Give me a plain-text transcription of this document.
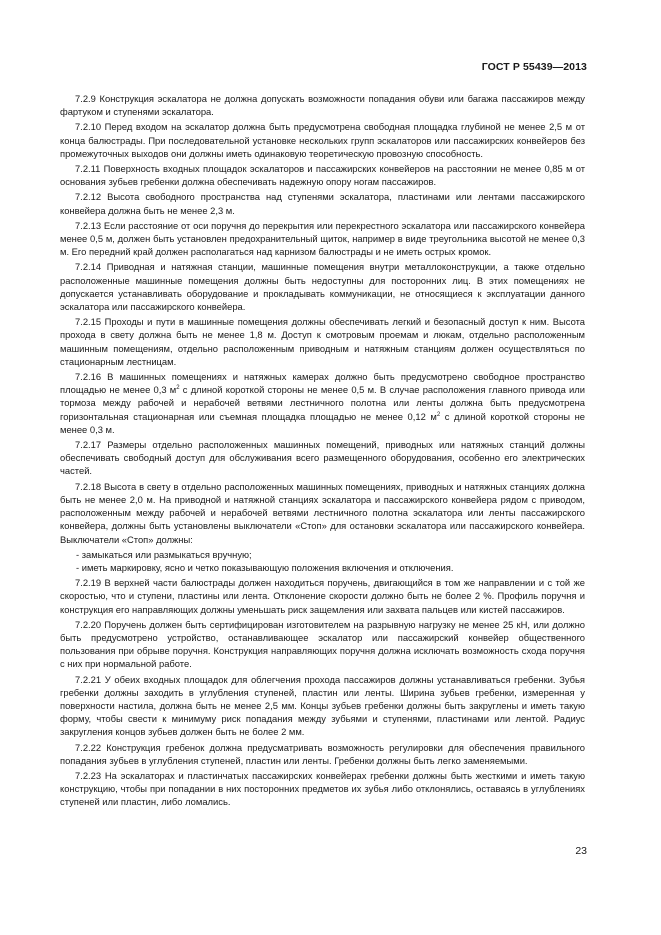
ГОСТ Р 55439—2013

7.2.9 Конструкция эскалатора не должна допускать возможности попадания обуви или багажа пассажиров между фартуком и ступенями эскалатора.

7.2.10 Перед входом на эскалатор должна быть предусмотрена свободная площадка глубиной не менее 2,5 м от конца балюстрады. При последовательной установке нескольких групп эскалаторов или пассажирских конвейеров без промежуточных выходов они должны иметь одинаковую теоретическую провозную способность.

7.2.11 Поверхность входных площадок эскалаторов и пассажирских конвейеров на расстоянии не менее 0,85 м от основания зубьев гребенки должна обеспечивать надежную опору ногам пассажиров.

7.2.12 Высота свободного пространства над ступенями эскалатора, пластинами или лентами пассажирского конвейера должна быть не менее 2,3 м.

7.2.13 Если расстояние от оси поручня до перекрытия или перекрестного эскалатора или пассажирского конвейера менее 0,5 м, должен быть установлен предохранительный щиток, например в виде треугольника высотой не менее 0,3 м. Его передний край должен располагаться над карнизом балюстрады и не иметь острых кромок.

7.2.14 Приводная и натяжная станции, машинные помещения внутри металлоконструкции, а также отдельно расположенные машинные помещения должны быть недоступны для посторонних лиц. В этих помещениях не допускается устанавливать оборудование и прокладывать коммуникации, не относящиеся к эксплуатации данного эскалатора или пассажирского конвейера.

7.2.15 Проходы и пути в машинные помещения должны обеспечивать легкий и безопасный доступ к ним. Высота прохода в свету должна быть не менее 1,8 м. Доступ к смотровым проемам и люкам, отдельно расположенным машинным помещениям, отдельно расположенным приводным и натяжным станциям должен осуществляться по стационарным лестницам.

7.2.16 В машинных помещениях и натяжных камерах должно быть предусмотрено свободное пространство площадью не менее 0,3 $м^2$ с длиной короткой стороны не менее 0,5 м. В случае расположения главного привода или тормоза между рабочей и нерабочей ветвями лестничного полотна или ленты должна быть предусмотрена горизонтальная стационарная или съемная площадка площадью не менее 0,12 $м^2$ с длиной короткой стороны не менее 0,3 м.

7.2.17 Размеры отдельно расположенных машинных помещений, приводных или натяжных станций должны обеспечивать свободный доступ для обслуживания всего размещенного оборудования, особенно его электрических частей.

7.2.18 Высота в свету в отдельно расположенных машинных помещениях, приводных и натяжных станциях должна быть не менее 2,0 м. На приводной и натяжной станциях эскалатора и пассажирского конвейера рядом с приводом, расположенным между рабочей и нерабочей ветвями лестничного полотна эскалатора или ленты пассажирского конвейера, должны быть установлены выключатели «Стоп» для остановки эскалатора или пассажирского конвейера. Выключатели «Стоп» должны:

- замыкаться или размыкаться вручную;

- иметь маркировку, ясно и четко показывающую положения включения и отключения.

7.2.19 В верхней части балюстрады должен находиться поручень, двигающийся в том же направлении и с той же скоростью, что и ступени, пластины или лента. Отклонение скорости должно быть не более 2 %. Профиль поручня и конструкция его направляющих должны уменьшать риск защемления или захвата пальцев или кистей пассажиров.

7.2.20 Поручень должен быть сертифицирован изготовителем на разрывную нагрузку не менее 25 кН, или должно быть предусмотрено устройство, останавливающее эскалатор или пассажирский конвейер общественного пользования при обрыве поручня. Конструкция направляющих поручня должна исключать возможность схода поручня с них при нормальной работе.

7.2.21 У обеих входных площадок для облегчения прохода пассажиров должны устанавливаться гребенки. Зубья гребенки должны заходить в углубления ступеней, пластин или ленты. Ширина зубьев гребенки, измеренная у поверхности настила, должна быть не менее 2,5 мм. Концы зубьев гребенки должны быть закруглены и иметь такую форму, чтобы свести к минимуму риск попадания между зубьями и ступенями, пластинами или лентой. Радиус закругления концов зубьев должен быть не более 2 мм.

7.2.22 Конструкция гребенок должна предусматривать возможность регулировки для обеспечения правильного попадания зубьев в углубления ступеней, пластин или ленты. Гребенки должны быть легко заменяемыми.

7.2.23 На эскалаторах и пластинчатых пассажирских конвейерах гребенки должны быть жесткими и иметь такую конструкцию, чтобы при попадании в них посторонних предметов их зубья либо отклонялись, оставаясь в углублениях ступеней или пластин, либо ломались.

23
